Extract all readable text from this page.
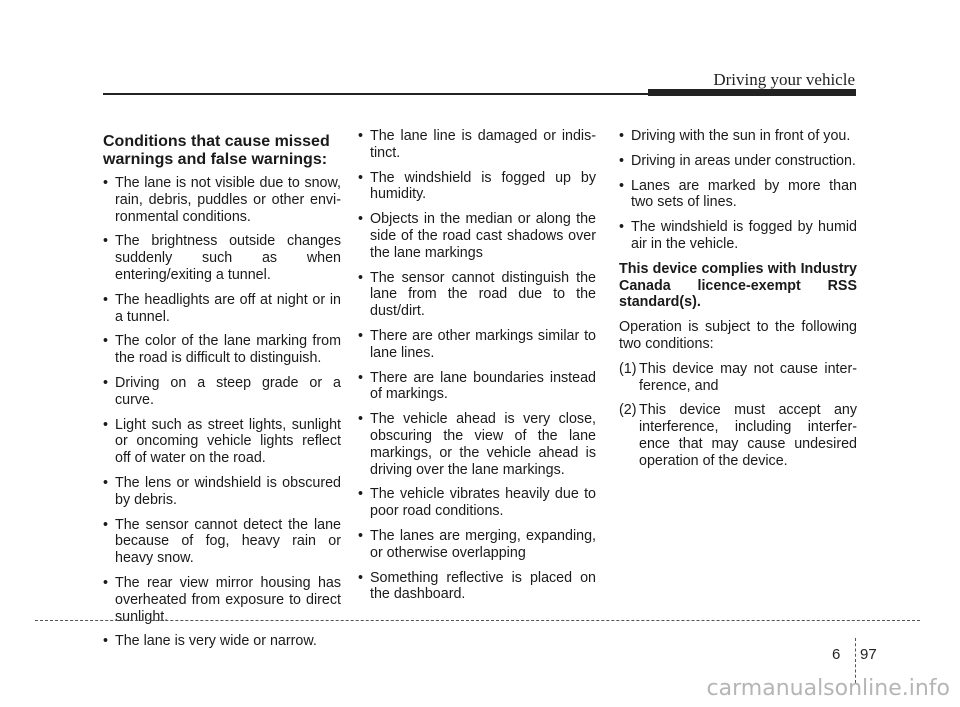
Driving your vehicle
Conditions that cause missed warnings and false warnings:
• The lane is not visible due to snow, rain, debris, puddles or other environmental conditions.
• The brightness outside changes suddenly such as when entering/exiting a tunnel.
• The headlights are off at night or in a tunnel.
• The color of the lane marking from the road is difficult to distinguish.
• Driving on a steep grade or a curve.
• Light such as street lights, sunlight or oncoming vehicle lights reflect off of water on the road.
• The lens or windshield is obscured by debris.
• The sensor cannot detect the lane because of fog, heavy rain or heavy snow.
• The rear view mirror housing has overheated from exposure to direct sunlight.
• The lane is very wide or narrow.
• The lane line is damaged or indistinct.
• The windshield is fogged up by humidity.
• Objects in the median or along the side of the road cast shadows over the lane markings
• The sensor cannot distinguish the lane from the road due to the dust/dirt.
• There are other markings similar to lane lines.
• There are lane boundaries instead of markings.
• The vehicle ahead is very close, obscuring the view of the lane markings, or the vehicle ahead is driving over the lane markings.
• The vehicle vibrates heavily due to poor road conditions.
• The lanes are merging, expanding, or otherwise overlapping
• Something reflective is placed on the dashboard.
• Driving with the sun in front of you.
• Driving in areas under construction.
• Lanes are marked by more than two sets of lines.
• The windshield is fogged by humid air in the vehicle.

This device complies with Industry Canada licence-exempt RSS standard(s).

Operation is subject to the following two conditions:

(1) This device may not cause interference, and
(2) This device must accept any interference, including interference that may cause undesired operation of the device.
6 97
carmanualsonline.info
